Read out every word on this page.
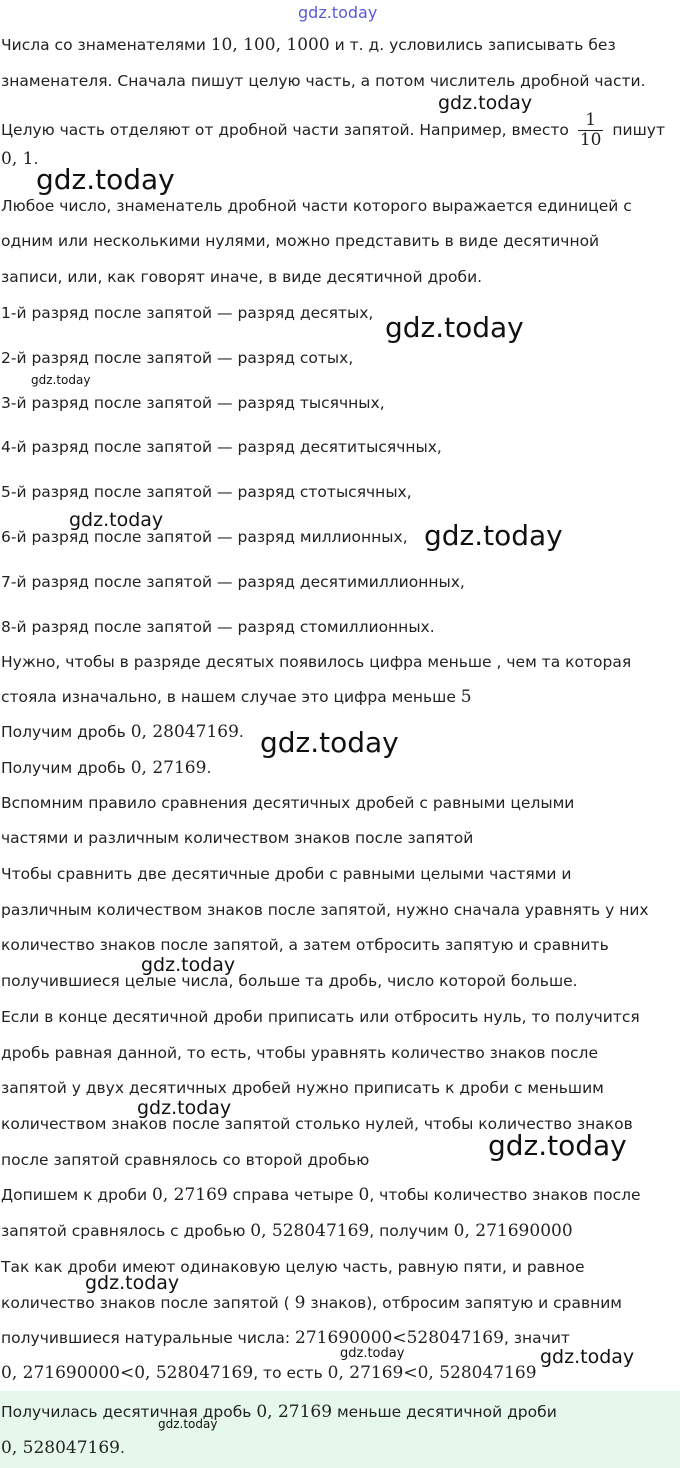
gdz.today
Числа со знаменателями 10, 100, 1000 и т. д. условились записывать без
знаменателя. Сначала пишут целую часть, а потом числитель дробной части.
Целую часть отделяют от дробной части запятой. Например, вместо $\frac{1}{10}$ пишут
0, 1.
Любое число, знаменатель дробной части которого выражается единицей с
одним или несколькими нулями, можно представить в виде десятичной
записи, или, как говорят иначе, в виде десятичной дроби.
1-й разряд после запятой — разряд десятых,
2-й разряд после запятой — разряд сотых,
3-й разряд после запятой — разряд тысячных,
4-й разряд после запятой — разряд десятитысячных,
5-й разряд после запятой — разряд стотысячных,
6-й разряд после запятой — разряд миллионных,
7-й разряд после запятой — разряд десятимиллионных,
8-й разряд после запятой — разряд стомиллионных.
Нужно, чтобы в разряде десятых появилось цифра меньше , чем та которая
стояла изначально, в нашем случае это цифра меньше 5
Получим дробь 0, 28047169.
Получим дробь 0, 27169.
Вспомним правило сравнения десятичных дробей с равными целыми
частями и различным количеством знаков после запятой
Чтобы сравнить две десятичные дроби с равными целыми частями и
различным количеством знаков после запятой, нужно сначала уравнять у них
количество знаков после запятой, а затем отбросить запятую и сравнить
получившиеся целые числа, больше та дробь, число которой больше.
Если в конце десятичной дроби приписать или отбросить нуль, то получится
дробь равная данной, то есть, чтобы уравнять количество знаков после
запятой у двух десятичных дробей нужно приписать к дроби с меньшим
количеством знаков после запятой столько нулей, чтобы количество знаков
после запятой сравнялось со второй дробью
Допишем к дроби 0, 27169 справа четыре 0, чтобы количество знаков после
запятой сравнялось с дробью 0, 528047169, получим 0, 271690000
Так как дроби имеют одинаковую целую часть, равную пяти, и равное
количество знаков после запятой ( 9 знаков), отбросим запятую и сравним
получившиеся натуральные числа: 271690000<528047169, значит
0, 271690000<0, 528047169, то есть 0, 27169<0, 528047169
Получилась десятичная дробь 0, 27169 меньше десятичной дроби
0, 528047169.
gdz.today
gdz.today
gdz.today
gdz.today
gdz.today	gdz.today
gdz.today
gdz.today
gdz.today
gdz.today
gdz.today
gdz.today	gdz.today
gdz.today
